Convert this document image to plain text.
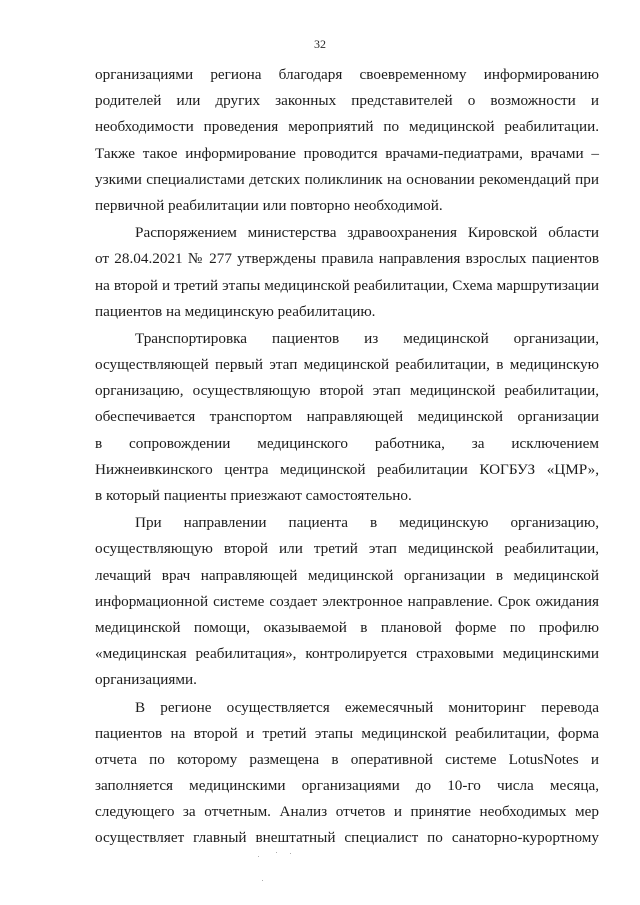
32
организациями региона благодаря своевременному информированию
родителей или других законных представителей о возможности и
необходимости проведения мероприятий по медицинской реабилитации.
Также такое информирование проводится врачами-педиатрами, врачами –
узкими специалистами детских поликлиник на основании рекомендаций при
первичной реабилитации или повторно необходимой.
Распоряжением министерства здравоохранения Кировской области
от 28.04.2021 № 277 утверждены правила направления взрослых пациентов
на второй и третий этапы медицинской реабилитации, Схема маршрутизации
пациентов на медицинскую реабилитацию.
Транспортировка пациентов из медицинской организации,
осуществляющей первый этап медицинской реабилитации, в медицинскую
организацию, осуществляющую второй этап медицинской реабилитации,
обеспечивается транспортом направляющей медицинской организации
в сопровождении медицинского работника, за исключением
Нижнеивкинского центра медицинской реабилитации КОГБУЗ «ЦМР»,
в который пациенты приезжают самостоятельно.
При направлении пациента в медицинскую организацию,
осуществляющую второй или третий этап медицинской реабилитации,
лечащий врач направляющей медицинской организации в медицинской
информационной системе создает электронное направление. Срок ожидания
медицинской помощи, оказываемой в плановой форме по профилю
«медицинская реабилитация», контролируется страховыми медицинскими
организациями.
В регионе осуществляется ежемесячный мониторинг перевода
пациентов на второй и третий этапы медицинской реабилитации, форма
отчета по которому размещена в оперативной системе LotusNotes и
заполняется медицинскими организациями до 10-го числа месяца,
следующего за отчетным. Анализ отчетов и принятие необходимых мер
осуществляет главный внештатный специалист по санаторно-курортному
